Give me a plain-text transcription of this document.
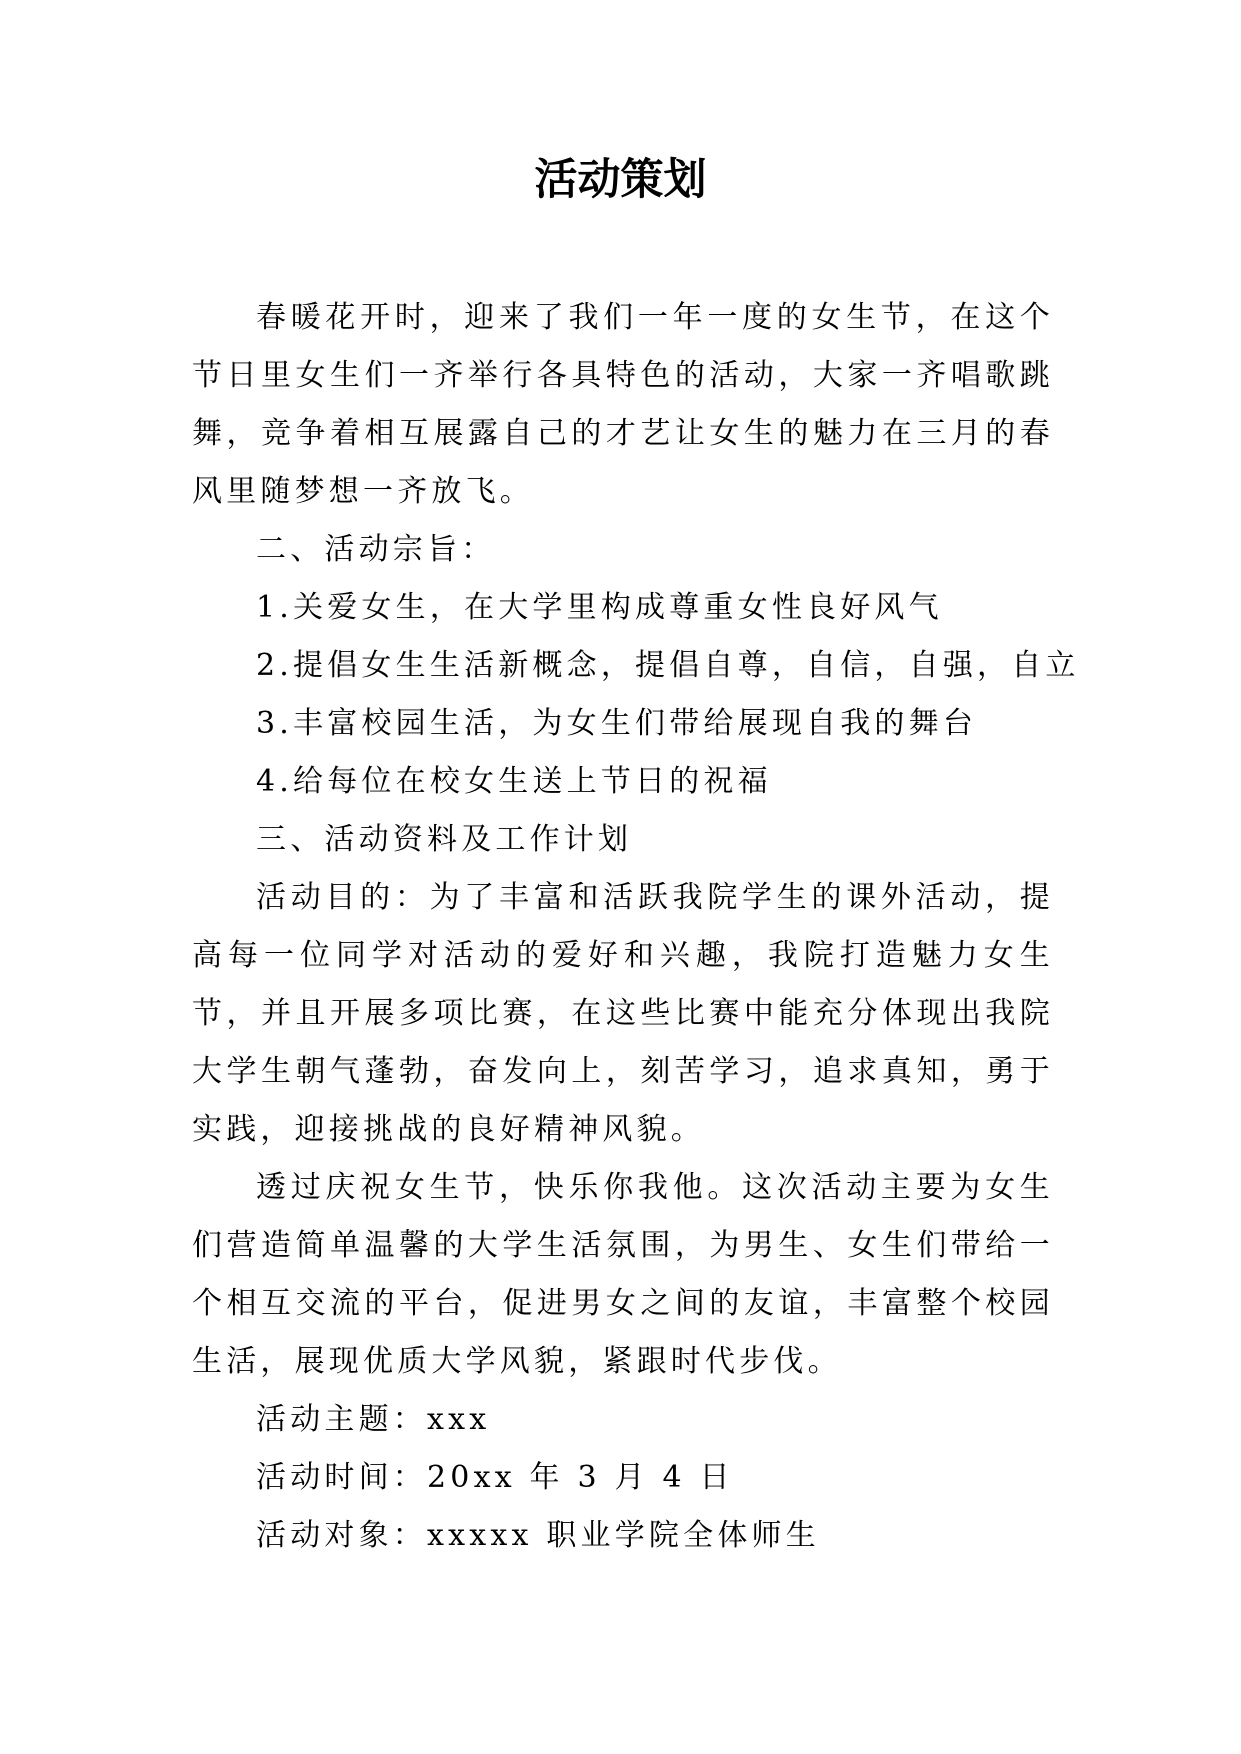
活动策划

春暖花开时，迎来了我们一年一度的女生节，在这个节日里女生们一齐举行各具特色的活动，大家一齐唱歌跳舞，竞争着相互展露自己的才艺让女生的魅力在三月的春风里随梦想一齐放飞。

二、活动宗旨：

1.关爱女生，在大学里构成尊重女性良好风气

2.提倡女生生活新概念，提倡自尊，自信，自强，自立

3.丰富校园生活，为女生们带给展现自我的舞台

4.给每位在校女生送上节日的祝福

三、活动资料及工作计划

活动目的：为了丰富和活跃我院学生的课外活动，提高每一位同学对活动的爱好和兴趣，我院打造魅力女生节，并且开展多项比赛，在这些比赛中能充分体现出我院大学生朝气蓬勃，奋发向上，刻苦学习，追求真知，勇于实践，迎接挑战的良好精神风貌。

透过庆祝女生节，快乐你我他。这次活动主要为女生们营造简单温馨的大学生活氛围，为男生、女生们带给一个相互交流的平台，促进男女之间的友谊，丰富整个校园生活，展现优质大学风貌，紧跟时代步伐。

活动主题：xxx

活动时间：20xx 年 3 月 4 日

活动对象：xxxxx 职业学院全体师生
